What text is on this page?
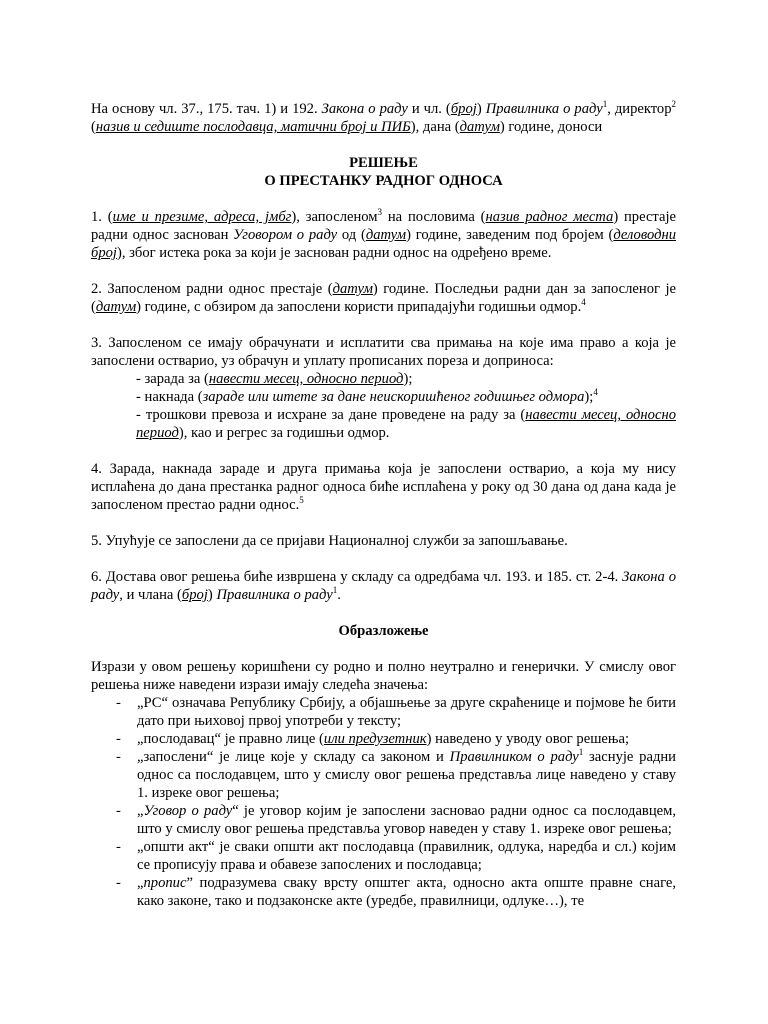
На основу чл. 37., 175. тач. 1) и 192. Закона о раду и чл. (број) Правилника о раду$^1$, директор$^2$ (назив и седиште послодавца, матични број и ПИБ), дана (датум) године, доноси

РЕШЕЊЕ

О ПРЕСТАНКУ РАДНОГ ОДНОСА

1. (име и презиме, адреса, јмбг), запосленом$^3$ на пословима (назив радног места) престаје радни однос заснован Уговором о раду од (датум) године, заведеним под бројем (деловодни број), због истека рока за који је заснован радни однос на одређено време.

2. Запосленом радни однос престаје (датум) године. Последњи радни дан за запосленог је (датум) године, с обзиром да запослени користи припадајући годишњи одмор.$^4$

3. Запосленом се имају обрачунати и исплатити сва примања на које има право а која је запослени остварио, уз обрачун и уплату прописаних пореза и доприноса:

- зарада за (навести месец, односно период);

- накнада (зараде или штете за дане неискоришћеног годишњег одмора);$^4$

- трошкови превоза и исхране за дане проведене на раду за (навести месец, односно период), као и регрес за годишњи одмор.

4. Зарада, накнада зараде и друга примања која је запослени остварио, а која му нису исплаћена до дана престанка радног односа биће исплаћена у року од 30 дана од дана када је запосленом престао радни однос.$^5$

5. Упућује се запослени да се пријави Националној служби за запошљавање.

6. Достава овог решења биће извршена у складу са одредбама чл. 193. и 185. ст. 2-4. Закона о раду, и члана (број) Правилника о раду$^1$.

Образложење

Изрази у овом решењу коришћени су родно и полно неутрално и генерички. У смислу овог решења ниже наведени изрази имају следећа значења:

- „РС“ означава Републику Србију, а објашњење за друге скраћенице и појмове ће бити дато при њиховој првој употреби у тексту;
- „послодавац“ је правно лице (или предузетник) наведено у уводу овог решења;
- „запослени“ је лице које у складу са законом и Правилником о раду$^1$ заснује радни однос са послодавцем, што у смислу овог решења представља лице наведено у ставу 1. изреке овог решења;
- „Уговор о раду“ је уговор којим је запослени засновао радни однос са послодавцем, што у смислу овог решења представља уговор наведен у ставу 1. изреке овог решења;
- „општи акт“ је сваки општи акт послодавца (правилник, одлука, наредба и сл.) којим се прописују права и обавезе запослених и послодавца;
- „пропис” подразумева сваку врсту општег акта, односно акта опште правне снаге, како законе, тако и подзаконске акте (уредбе, правилници, одлуке…), те
